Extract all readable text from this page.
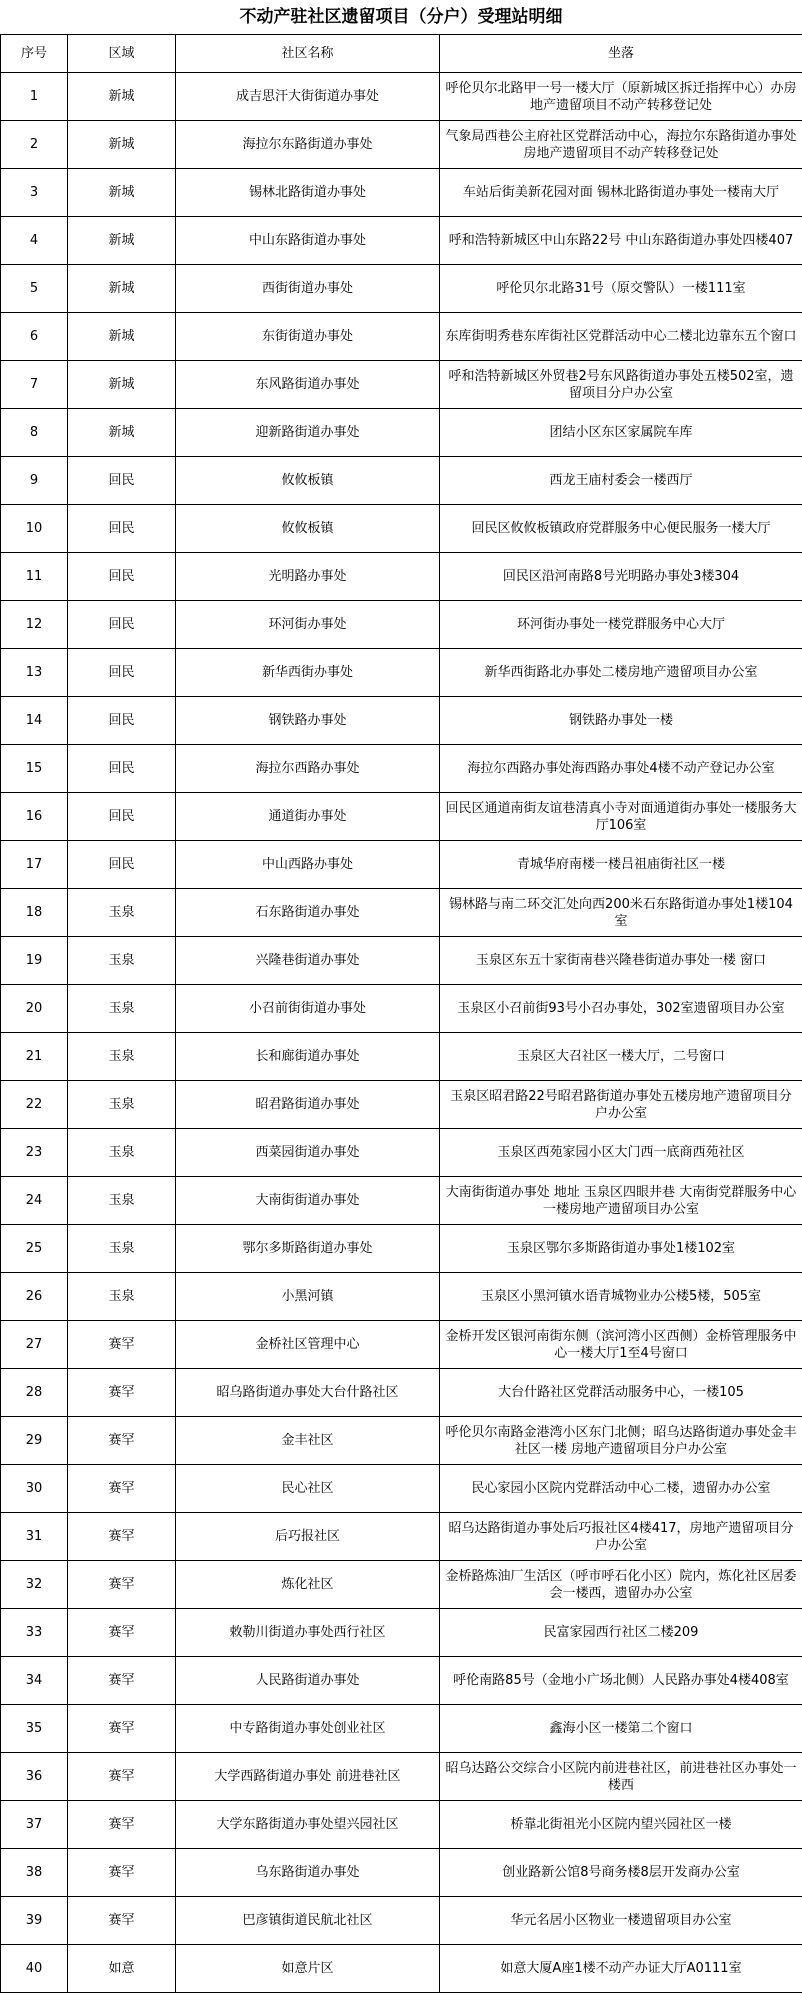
不动产驻社区遗留项目（分户）受理站明细
序号	区域	社区名称	坐落
1	新城	成吉思汗大街街道办事处	呼伦贝尔北路甲一号一楼大厅（原新城区拆迁指挥中心）办房地产遗留项目不动产转移登记处
2	新城	海拉尔东路街道办事处	气象局西巷公主府社区党群活动中心，海拉尔东路街道办事处房地产遗留项目不动产转移登记处
3	新城	锡林北路街道办事处	车站后街美新花园对面 锡林北路街道办事处一楼南大厅
4	新城	中山东路街道办事处	呼和浩特新城区中山东路22号 中山东路街道办事处四楼407
5	新城	西街街道办事处	呼伦贝尔北路31号（原交警队）一楼111室
6	新城	东街街道办事处	东库街明秀巷东库街社区党群活动中心二楼北边靠东五个窗口
7	新城	东风路街道办事处	呼和浩特新城区外贸巷2号东风路街道办事处五楼502室，遗留项目分户办公室
8	新城	迎新路街道办事处	团结小区东区家属院车库
9	回民	攸攸板镇	西龙王庙村委会一楼西厅
10	回民	攸攸板镇	回民区攸攸板镇政府党群服务中心便民服务一楼大厅
11	回民	光明路办事处	回民区沿河南路8号光明路办事处3楼304
12	回民	环河街办事处	环河街办事处一楼党群服务中心大厅
13	回民	新华西街办事处	新华西街路北办事处二楼房地产遗留项目办公室
14	回民	钢铁路办事处	钢铁路办事处一楼
15	回民	海拉尔西路办事处	海拉尔西路办事处海西路办事处4楼不动产登记办公室
16	回民	通道街办事处	回民区通道南街友谊巷清真小寺对面通道街办事处一楼服务大厅106室
17	回民	中山西路办事处	青城华府南楼一楼吕祖庙街社区一楼
18	玉泉	石东路街道办事处	锡林路与南二环交汇处向西200米石东路街道办事处1楼104室
19	玉泉	兴隆巷街道办事处	玉泉区东五十家街南巷兴隆巷街道办事处一楼 窗口
20	玉泉	小召前街街道办事处	玉泉区小召前街93号小召办事处，302室遗留项目办公室
21	玉泉	长和廊街道办事处	玉泉区大召社区一楼大厅，二号窗口
22	玉泉	昭君路街道办事处	玉泉区昭君路22号昭君路街道办事处五楼房地产遗留项目分户办公室
23	玉泉	西菜园街道办事处	玉泉区西苑家园小区大门西一底商西苑社区
24	玉泉	大南街街道办事处	大南街街道办事处 地址 玉泉区四眼井巷 大南街党群服务中心 一楼房地产遗留项目办公室
25	玉泉	鄂尔多斯路街道办事处	玉泉区鄂尔多斯路街道办事处1楼102室
26	玉泉	小黑河镇	玉泉区小黑河镇水语青城物业办公楼5楼，505室
27	赛罕	金桥社区管理中心	金桥开发区银河南街东侧（滨河湾小区西侧）金桥管理服务中心一楼大厅1至4号窗口
28	赛罕	昭乌路街道办事处大台什路社区	大台什路社区党群活动服务中心，一楼105
29	赛罕	金丰社区	呼伦贝尔南路金港湾小区东门北侧；昭乌达路街道办事处金丰社区一楼 房地产遗留项目分户办公室
30	赛罕	民心社区	民心家园小区院内党群活动中心二楼，遗留办办公室
31	赛罕	后巧报社区	昭乌达路街道办事处后巧报社区4楼417，房地产遗留项目分户办公室
32	赛罕	炼化社区	金桥路炼油厂生活区（呼市呼石化小区）院内，炼化社区居委会一楼西，遗留办办公室
33	赛罕	敕勒川街道办事处西行社区	民富家园西行社区二楼209
34	赛罕	人民路街道办事处	呼伦南路85号（金地小广场北侧）人民路办事处4楼408室
35	赛罕	中专路街道办事处创业社区	鑫海小区一楼第二个窗口
36	赛罕	大学西路街道办事处 前进巷社区	昭乌达路公交综合小区院内前进巷社区，前进巷社区办事处一楼西
37	赛罕	大学东路街道办事处望兴园社区	桥靠北街祖光小区院内望兴园社区一楼
38	赛罕	乌东路街道办事处	创业路新公馆8号商务楼8层开发商办公室
39	赛罕	巴彦镇街道民航北社区	华元名居小区物业一楼遗留项目办公室
40	如意	如意片区	如意大厦A座1楼不动产办证大厅A0111室
